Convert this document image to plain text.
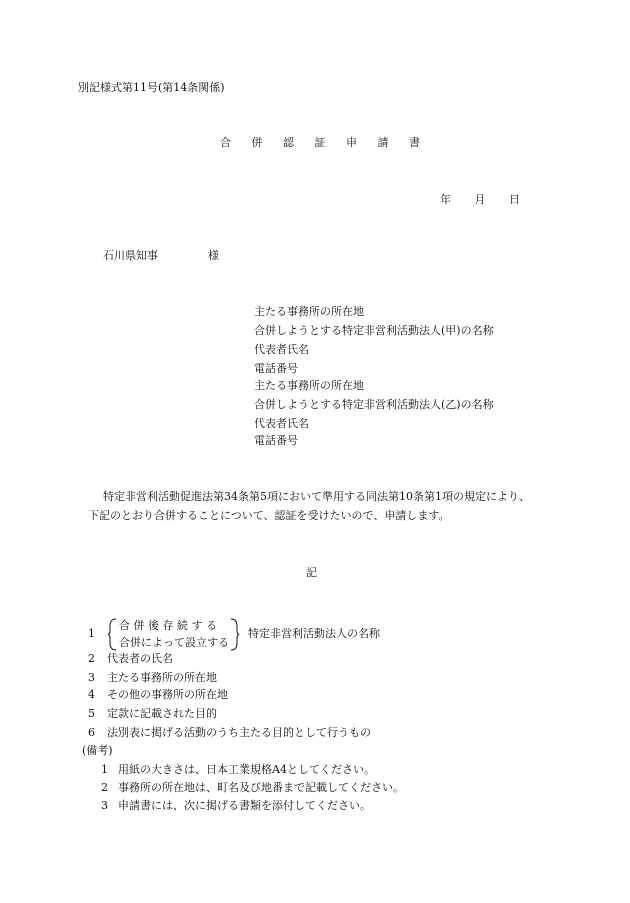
別記様式第11号(第14条関係)
合 併 認 証 申 請 書
年 月 日
石川県知事	様
主たる事務所の所在地
合併しようとする特定非営利活動法人(甲)の名称
代表者氏名
電話番号
主たる事務所の所在地
合併しようとする特定非営利活動法人(乙)の名称
代表者氏名
電話番号
特定非営利活動促進法第34条第5項において準用する同法第10条第1項の規定により、
下記のとおり合併することについて、認証を受けたいので、申請します。
記
1
合 併 後 存 続 す る
合併によって設立する
特定非営利活動法人の名称
2 代表者の氏名
3 主たる事務所の所在地
4 その他の事務所の所在地
5 定款に記載された目的
6 法別表に掲げる活動のうち主たる目的として行うもの
(備考)
1 用紙の大きさは、日本工業規格A4としてください。
2 事務所の所在地は、町名及び地番まで記載してください。
3 申請書には、次に掲げる書類を添付してください。
